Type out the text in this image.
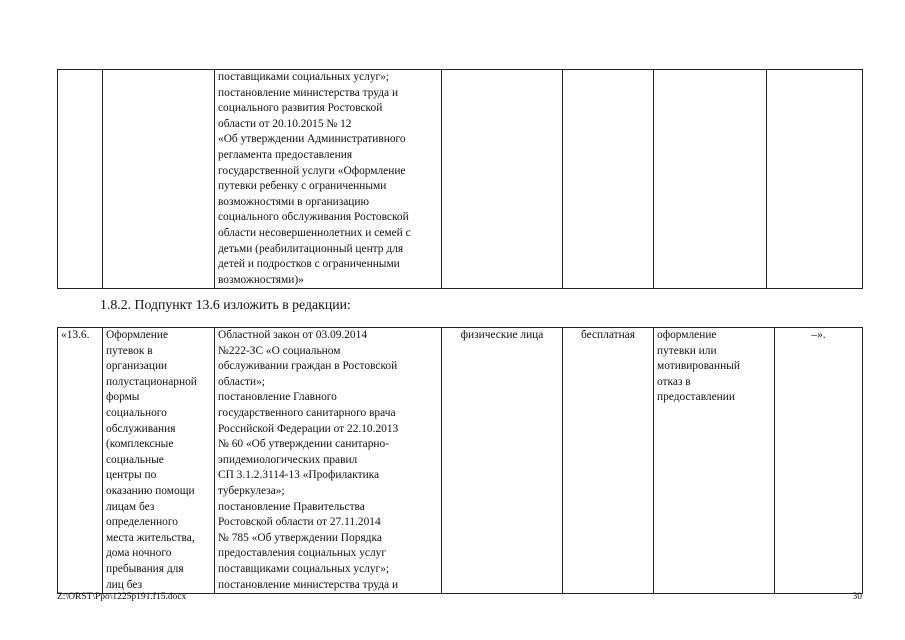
		поставщиками социальных услуг»;
постановление министерства труда и
социального развития Ростовской
области от 20.10.2015 № 12
«Об утверждении Административного
регламента предоставления
государственной услуги «Оформление
путевки ребенку с ограниченными
возможностями в организацию
социального обслуживания Ростовской
области несовершеннолетних и семей с
детьми (реабилитационный центр для
детей и подростков с ограниченными
возможностями)»				
1.8.2. Подпункт 13.6 изложить в редакции:
«13.6.	Оформление
путевок в
организации
полустационарной
формы
социального
обслуживания
(комплексные
социальные
центры по
оказанию помощи
лицам без
определенного
места жительства,
дома ночного
пребывания для
лиц без	Областной закон от 03.09.2014
№222-ЗС «О социальном
обслуживании граждан в Ростовской
области»;
постановление Главного
государственного санитарного врача
Российской Федерации от 22.10.2013
№ 60 «Об утверждении санитарно-
эпидемиологических правил
СП 3.1.2.3114-13 «Профилактика
туберкулеза»;
постановление Правительства
Ростовской области от 27.11.2014
№ 785 «Об утверждении Порядка
предоставления социальных услуг
поставщиками социальных услуг»;
постановление министерства труда и	физические лица	бесплатная	оформление
путевки или
мотивированный
отказ в
предоставлении	–».
Z:\ORST\Ppo\1225p191.f15.docx	30
